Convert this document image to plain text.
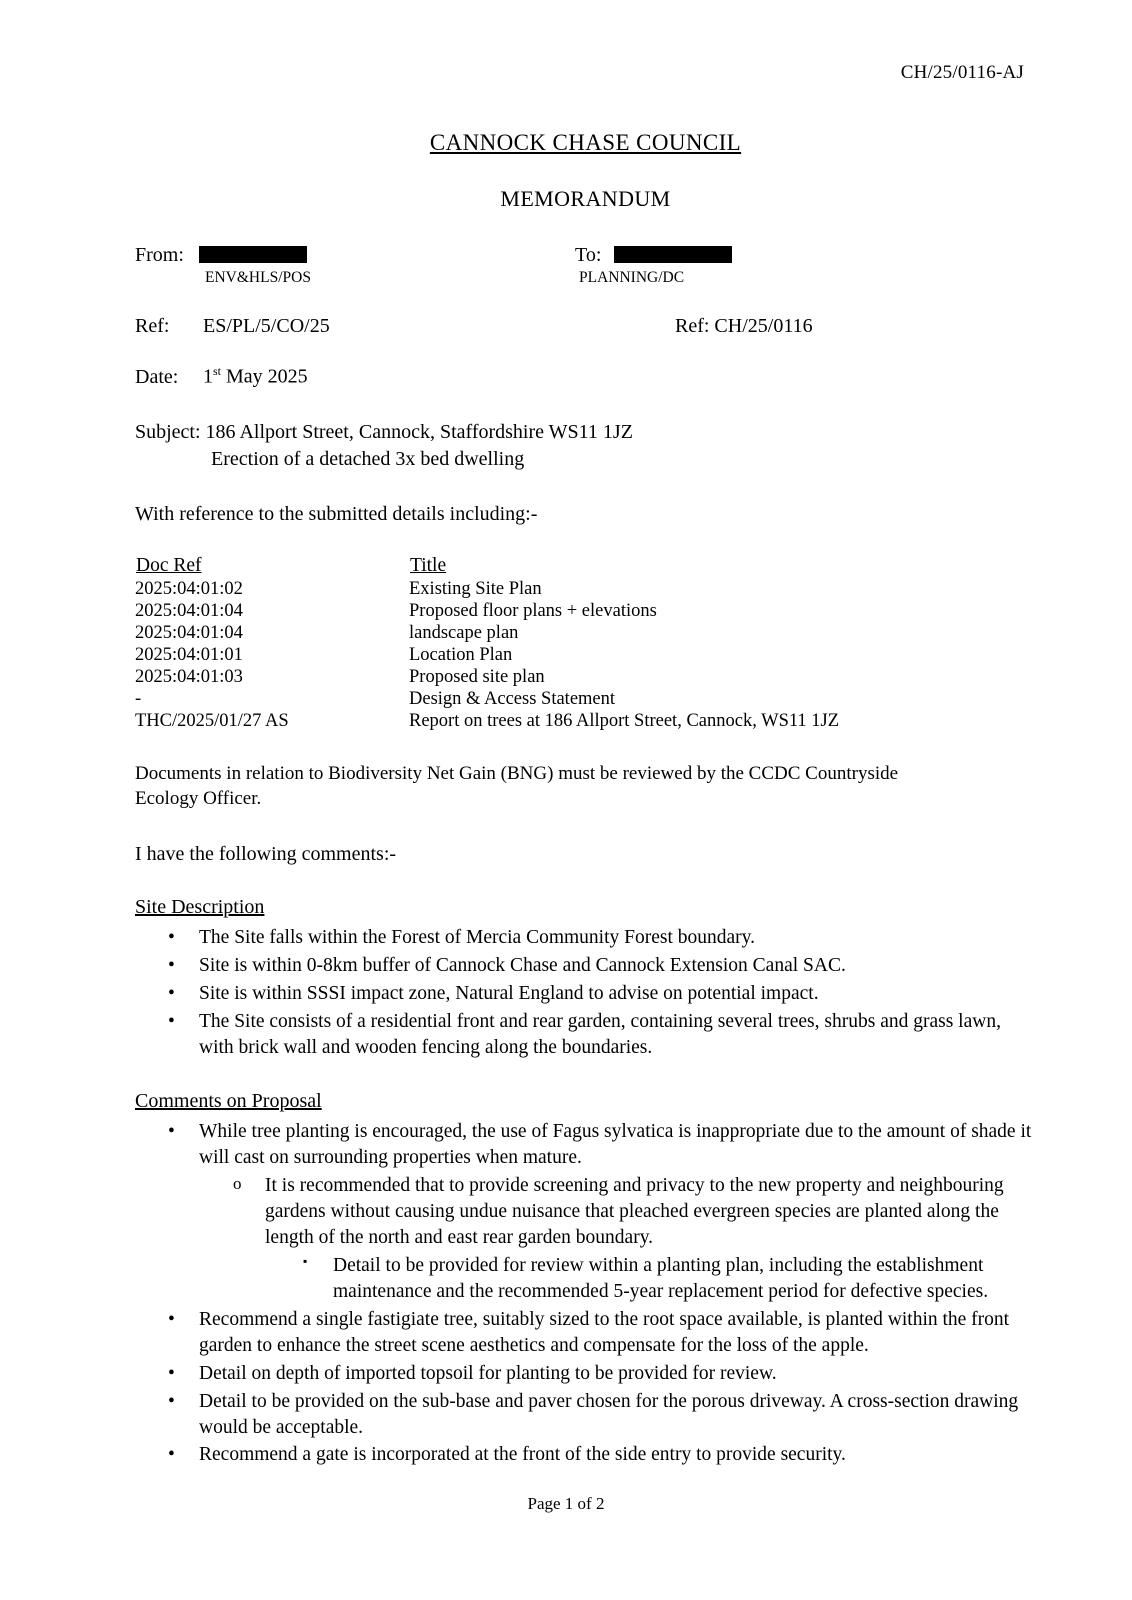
CH/25/0116-AJ
CANNOCK CHASE COUNCIL
MEMORANDUM
From:
ENV&HLS/POS
To:
PLANNING/DC
Ref: ES/PL/5/CO/25	Ref: CH/25/0116
Date: 1st May 2025
Subject: 186 Allport Street, Cannock, Staffordshire WS11 1JZ
Erection of a detached 3x bed dwelling
With reference to the submitted details including:-
Doc Ref	Title
2025:04:01:02	Existing Site Plan
2025:04:01:04	Proposed floor plans + elevations
2025:04:01:04	landscape plan
2025:04:01:01	Location Plan
2025:04:01:03	Proposed site plan
-	Design & Access Statement
THC/2025/01/27 AS	Report on trees at 186 Allport Street, Cannock, WS11 1JZ
Documents in relation to Biodiversity Net Gain (BNG) must be reviewed by the CCDC Countryside Ecology Officer.
I have the following comments:-
Site Description
• The Site falls within the Forest of Mercia Community Forest boundary.
• Site is within 0-8km buffer of Cannock Chase and Cannock Extension Canal SAC.
• Site is within SSSI impact zone, Natural England to advise on potential impact.
• The Site consists of a residential front and rear garden, containing several trees, shrubs and grass lawn, with brick wall and wooden fencing along the boundaries.
Comments on Proposal
• While tree planting is encouraged, the use of Fagus sylvatica is inappropriate due to the amount of shade it will cast on surrounding properties when mature.
o It is recommended that to provide screening and privacy to the new property and neighbouring gardens without causing undue nuisance that pleached evergreen species are planted along the length of the north and east rear garden boundary.
▪ Detail to be provided for review within a planting plan, including the establishment maintenance and the recommended 5-year replacement period for defective species.
• Recommend a single fastigiate tree, suitably sized to the root space available, is planted within the front garden to enhance the street scene aesthetics and compensate for the loss of the apple.
• Detail on depth of imported topsoil for planting to be provided for review.
• Detail to be provided on the sub-base and paver chosen for the porous driveway. A cross-section drawing would be acceptable.
• Recommend a gate is incorporated at the front of the side entry to provide security.
Page 1 of 2
